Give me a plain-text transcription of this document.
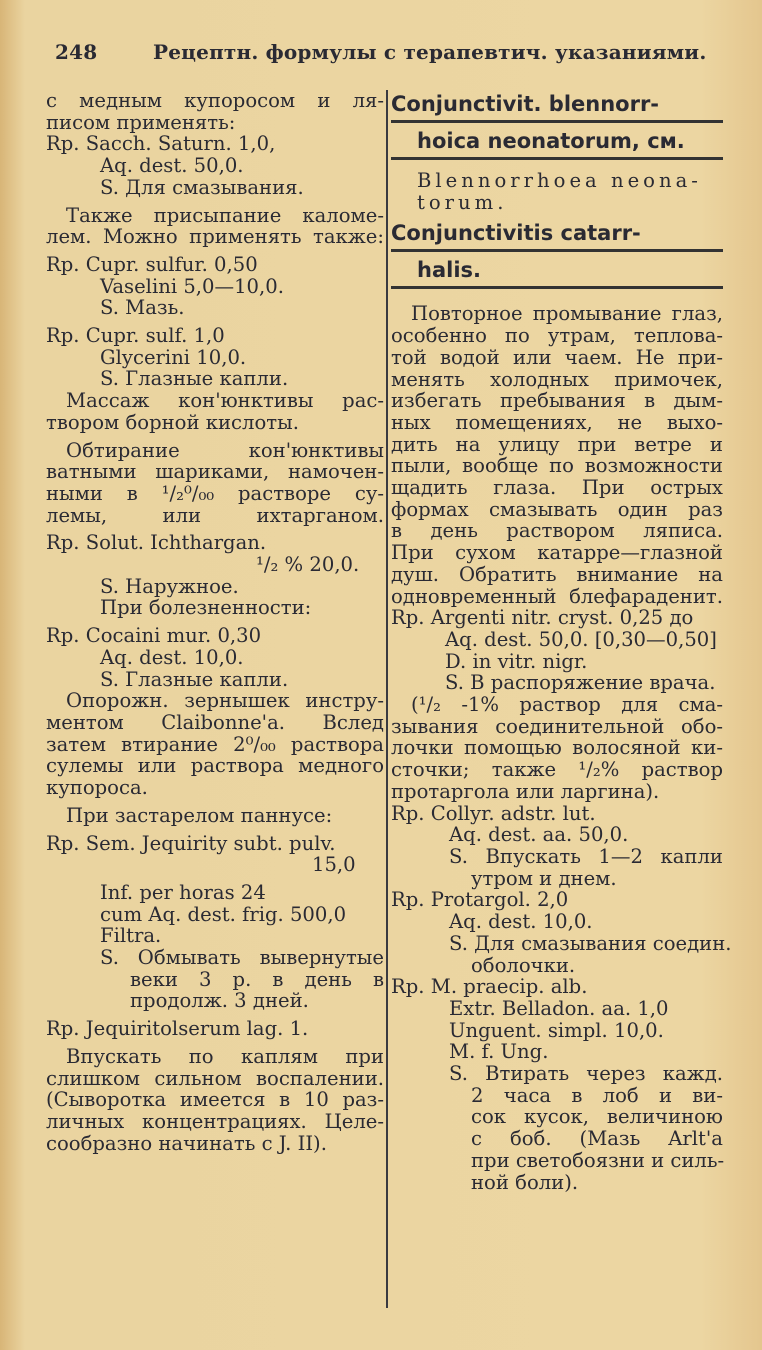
248	Рецептн. формулы с терапевтич. указаниями.
с медным купоросом и ля-
писом применять:
Rp. Sacch. Saturn. 1,0,
Aq. dest. 50,0.
S. Для смазывания.
Также присыпание каломе-
лем. Можно применять также:
Rp. Cupr. sulfur. 0,50
Vaselini 5,0—10,0.
S. Мазь.
Rp. Cupr. sulf. 1,0
Glycerini 10,0.
S. Глазные капли.
Массаж кон'юнктивы рас-
твором борной кислоты.
Обтирание кон'юнктивы
ватными шариками, намочен-
ными в ¹/₂⁰/₀₀ растворе су-
лемы, или ихтарганом.
Rp. Solut. Ichthargan.
¹/₂ % 20,0.
S. Наружное.
При болезненности:
Rp. Cocaini mur. 0,30
Aq. dest. 10,0.
S. Глазные капли.
Опорожн. зернышек инстру-
ментом Claibonne'a. Вслед
затем втирание 2⁰/₀₀ раствора
сулемы или раствора медного
купороса.
При застарелом паннусе:
Rp. Sem. Jequirity subt. pulv.
15,0
Inf. per horas 24
cum Aq. dest. frig. 500,0
Filtra.
S. Обмывать вывернутые
веки 3 р. в день в
продолж. 3 дней.
Rp. Jequiritolserum lag. 1.
Впускать по каплям при
слишком сильном воспалении.
(Сыворотка имеется в 10 раз-
личных концентрациях. Целе-
сообразно начинать с J. II).
Conjunctivit. blennorr-
hoica neonatorum, см.
Blennorrhoea neona-
torum.
Conjunctivitis catarr-
halis.
Повторное промывание глаз,
особенно по утрам, теплова-
той водой или чаем. Не при-
менять холодных примочек,
избегать пребывания в дым-
ных помещениях, не выхо-
дить на улицу при ветре и
пыли, вообще по возможности
щадить глаза. При острых
формах смазывать один раз
в день раствором ляписа.
При сухом катарре—глазной
душ. Обратить внимание на
одновременный блефараденит.
Rp. Argenti nitr. cryst. 0,25 до
Aq. dest. 50,0. [0,30—0,50]
D. in vitr. nigr.
S. В распоряжение врача.
(¹/₂ -1% раствор для сма-
зывания соединительной обо-
лочки помощью волосяной ки-
сточки; также ¹/₂% раствор
протаргола или ларгина).
Rp. Collyr. adstr. lut.
Aq. dest. aa. 50,0.
S. Впускать 1—2 капли
утром и днем.
Rp. Protargol. 2,0
Aq. dest. 10,0.
S. Для смазывания соедин.
оболочки.
Rp. M. praecip. alb.
Extr. Belladon. aa. 1,0
Unguent. simpl. 10,0.
M. f. Ung.
S. Втирать через кажд.
2 часа в лоб и ви-
сок кусок, величиною
с боб. (Мазь Arlt'a
при светобоязни и силь-
ной боли).
